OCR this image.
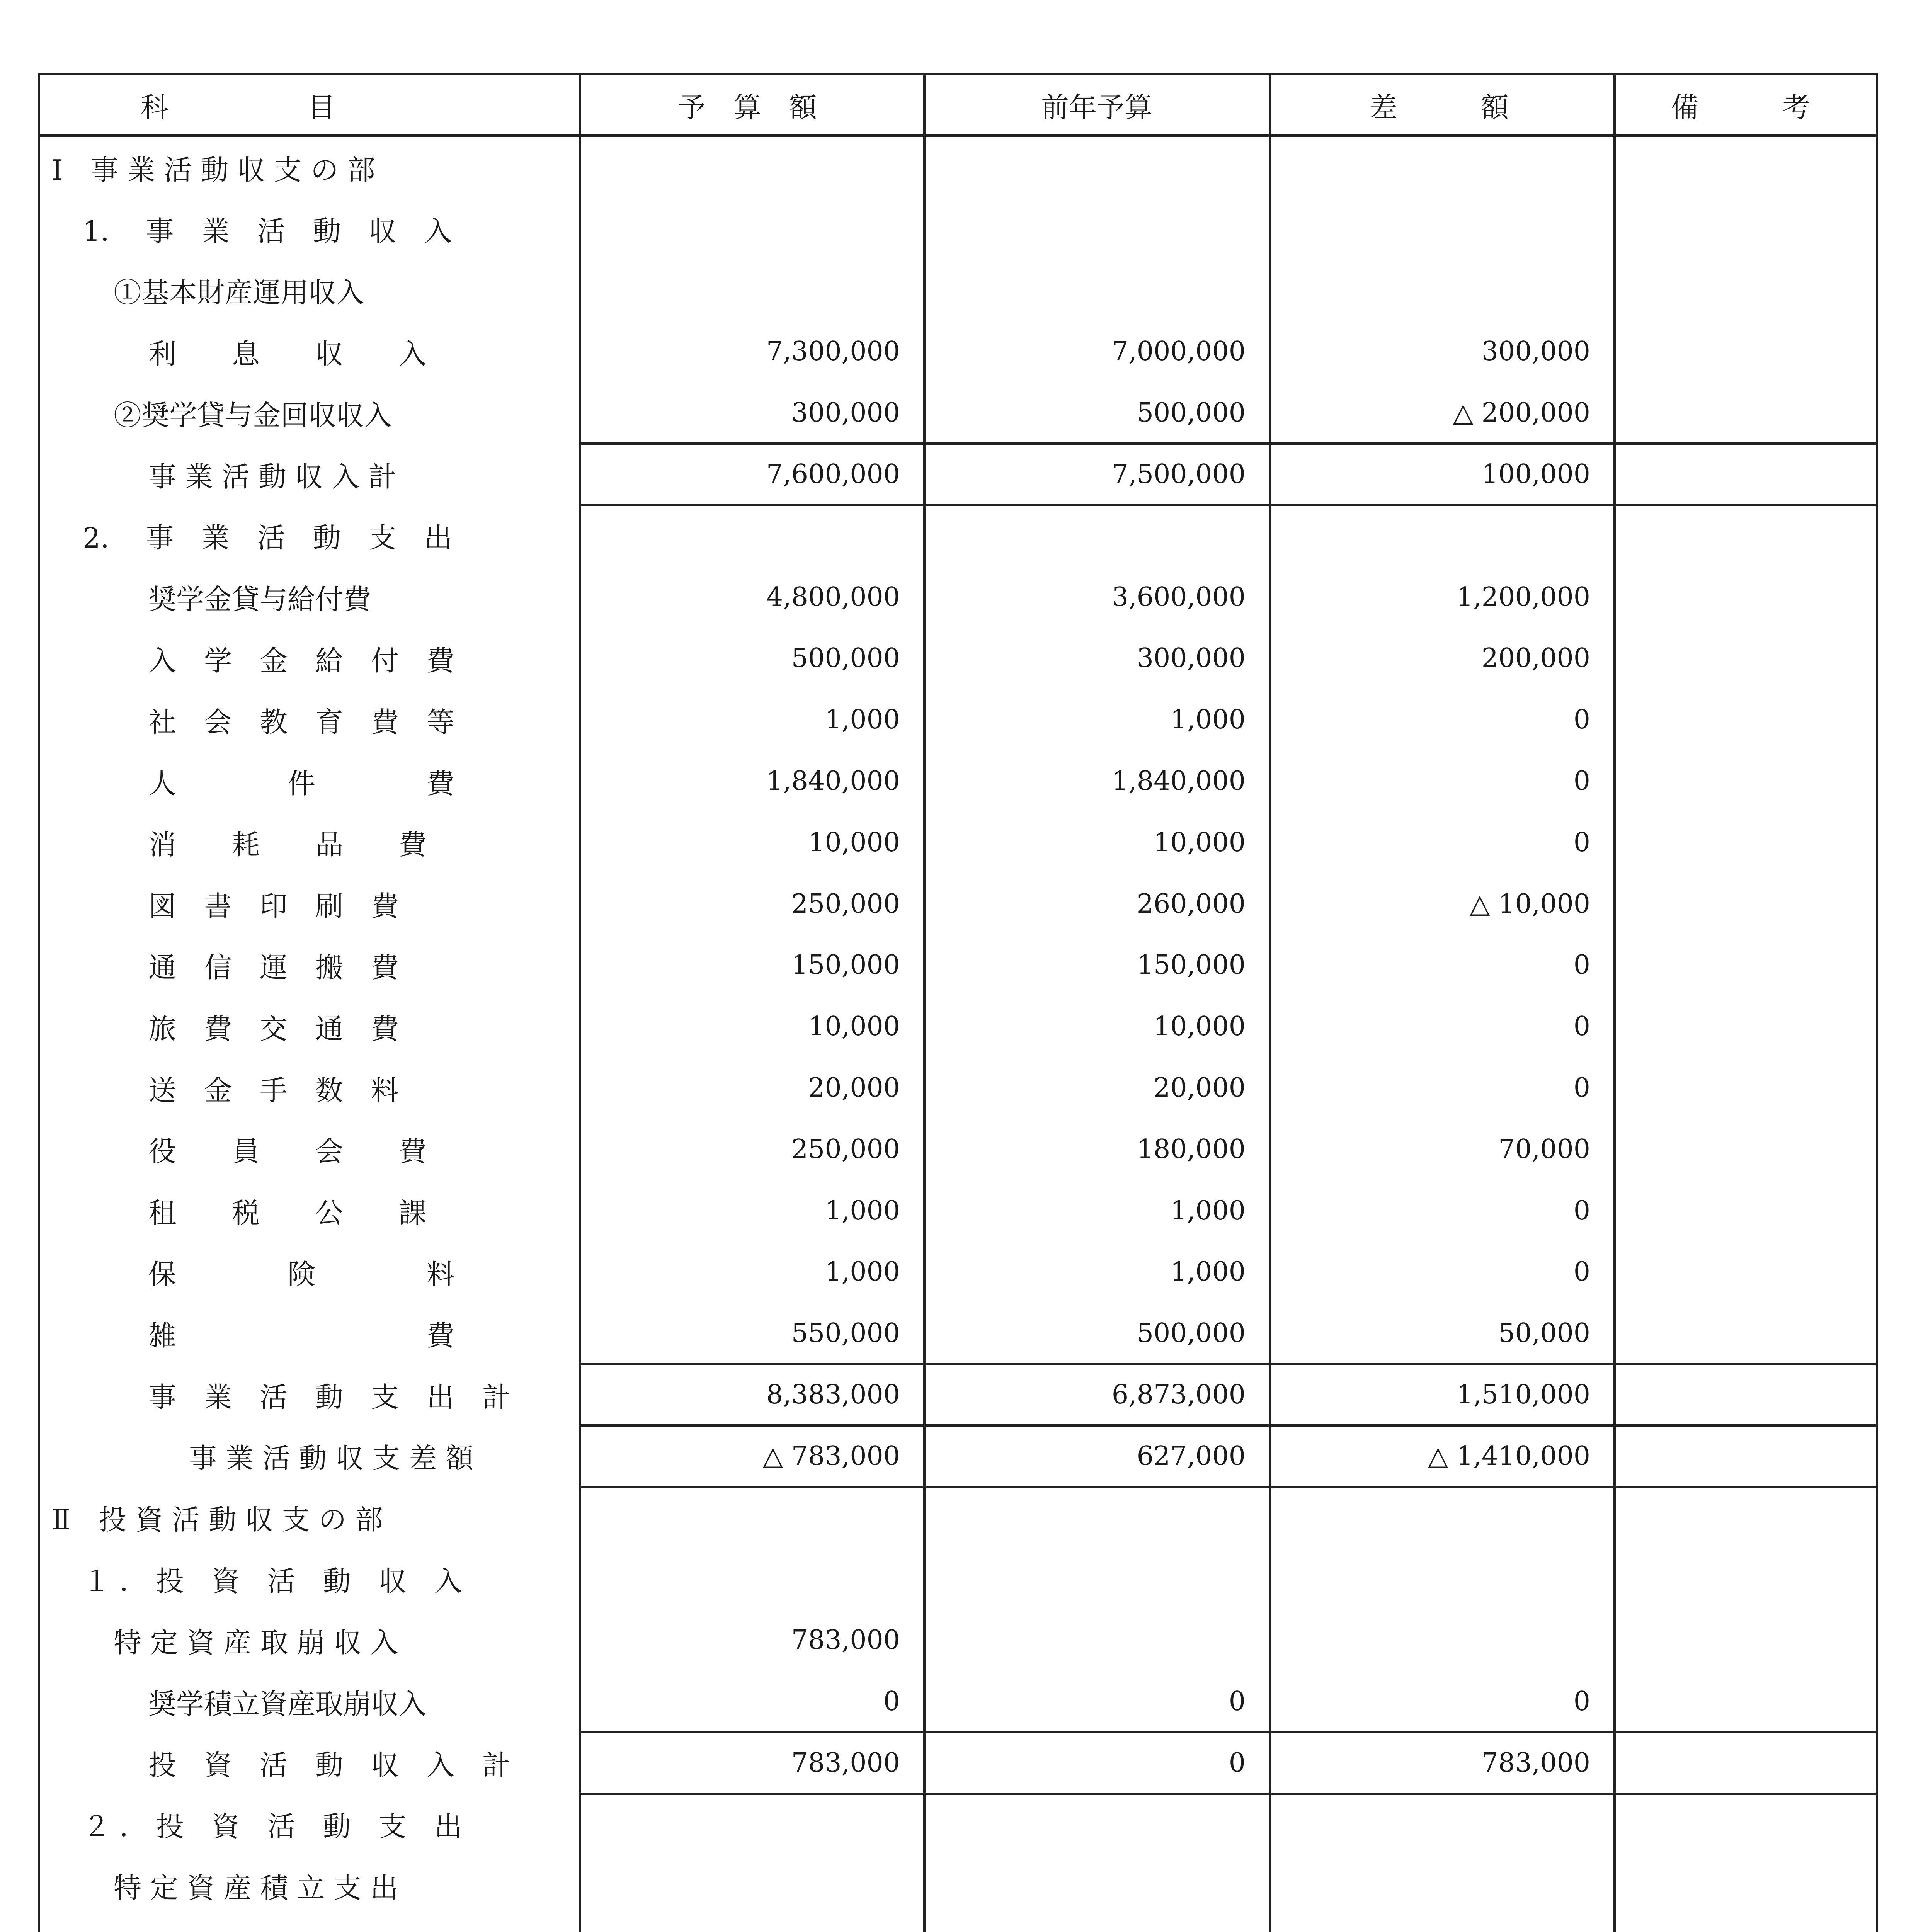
科　　　　　目	予　算　額	前年予算	差　　　額	備　　　考
Ⅰ　事 業 活 動 収 支 の 部
1.　 事　業　活　動　収　入
①基本財産運用収入
利　　息　　収　　入	7,300,000	7,000,000	300,000
②奨学貸与金回収収入	300,000	500,000	△ 200,000
事 業 活 動 収 入 計	7,600,000	7,500,000	100,000
2.　 事　業　活　動　支　出
奨学金貸与給付費	4,800,000	3,600,000	1,200,000
入　学　金　給　付　費	500,000	300,000	200,000
社　会　教　育　費　等	1,000	1,000	0
人　　　　件　　　　費	1,840,000	1,840,000	0
消　　耗　　品　　費	10,000	10,000	0
図　書　印　刷　費	250,000	260,000	△ 10,000
通　信　運　搬　費	150,000	150,000	0
旅　費　交　通　費	10,000	10,000	0
送　金　手　数　料	20,000	20,000	0
役　　員　　会　　費	250,000	180,000	70,000
租　　税　　公　　課	1,000	1,000	0
保　　　　険　　　　料	1,000	1,000	0
雑　　　　　　　　　費	550,000	500,000	50,000
事　業　活　動　支　出　計	8,383,000	6,873,000	1,510,000
事 業 活 動 収 支 差 額	△ 783,000	627,000	△ 1,410,000
Ⅱ　投 資 活 動 収 支 の 部
１ .　投　資　活　動　収　入
特 定 資 産 取 崩 収 入	783,000
奨学積立資産取崩収入	0	0	0
投　資　活　動　収　入　計	783,000	0	783,000
２ .　投　資　活　動　支　出
特 定 資 産 積 立 支 出
